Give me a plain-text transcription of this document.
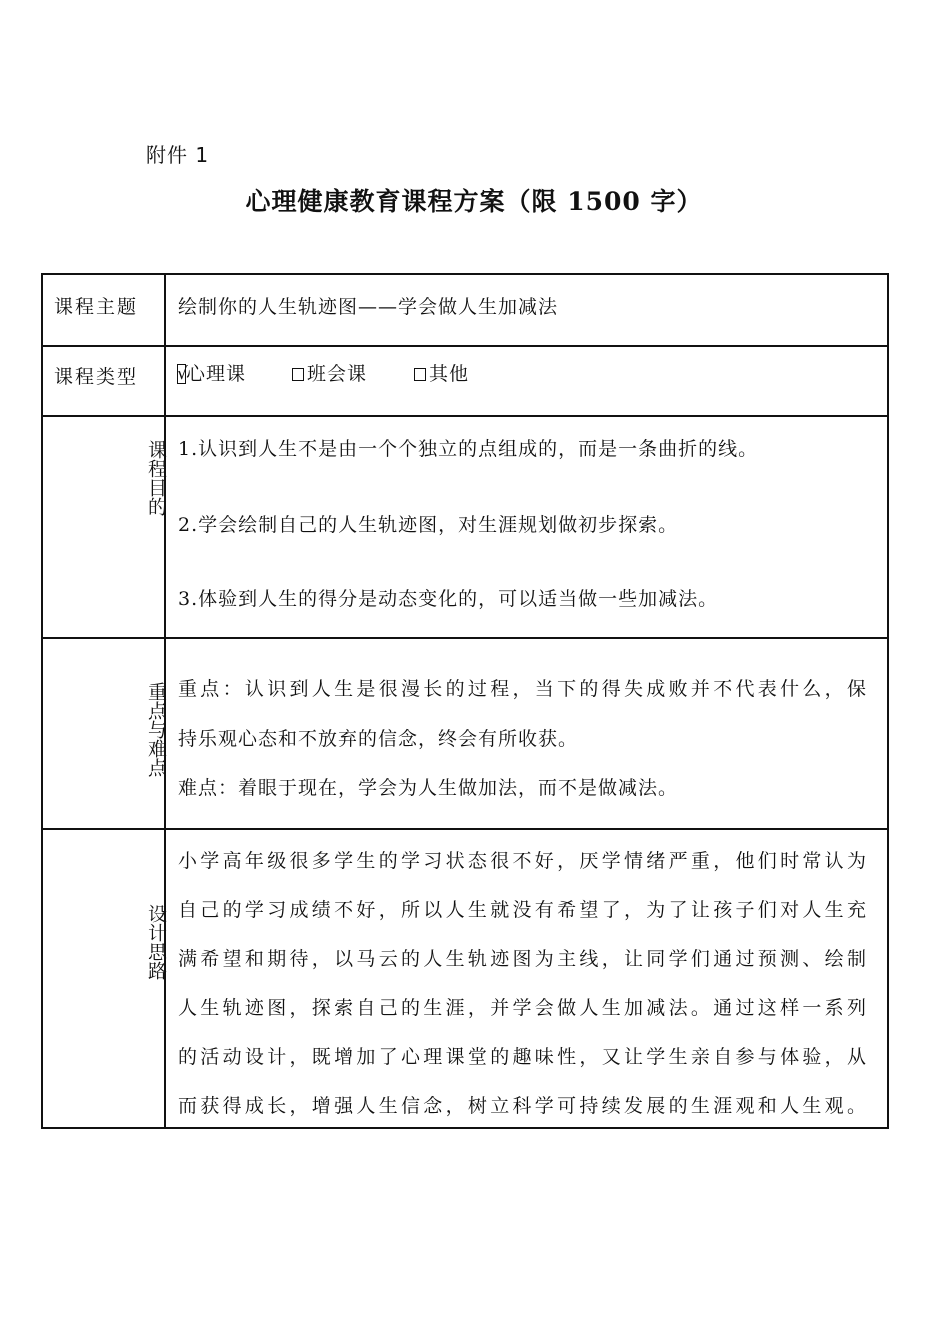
附件 1
心理健康教育课程方案（限 1500 字）
课程主题 绘制你的人生轨迹图——学会做人生加减法
课程类型 √
心理课	班会课	其他
课程目的 1.认识到人生不是由一个个独立的点组成的，而是一条曲折的线。
2.学会绘制自己的人生轨迹图，对生涯规划做初步探索。
3.体验到人生的得分是动态变化的，可以适当做一些加减法。
重点与难点 重点：认识到人生是很漫长的过程，当下的得失成败并不代表什么，保
持乐观心态和不放弃的信念，终会有所收获。
难点：着眼于现在，学会为人生做加法，而不是做减法。
设计思路
小学高年级很多学生的学习状态很不好，厌学情绪严重，他们时常认为
自己的学习成绩不好，所以人生就没有希望了，为了让孩子们对人生充
满希望和期待，以马云的人生轨迹图为主线，让同学们通过预测、绘制
人生轨迹图，探索自己的生涯，并学会做人生加减法。通过这样一系列
的活动设计，既增加了心理课堂的趣味性，又让学生亲自参与体验，从
而获得成长，增强人生信念，树立科学可持续发展的生涯观和人生观。
